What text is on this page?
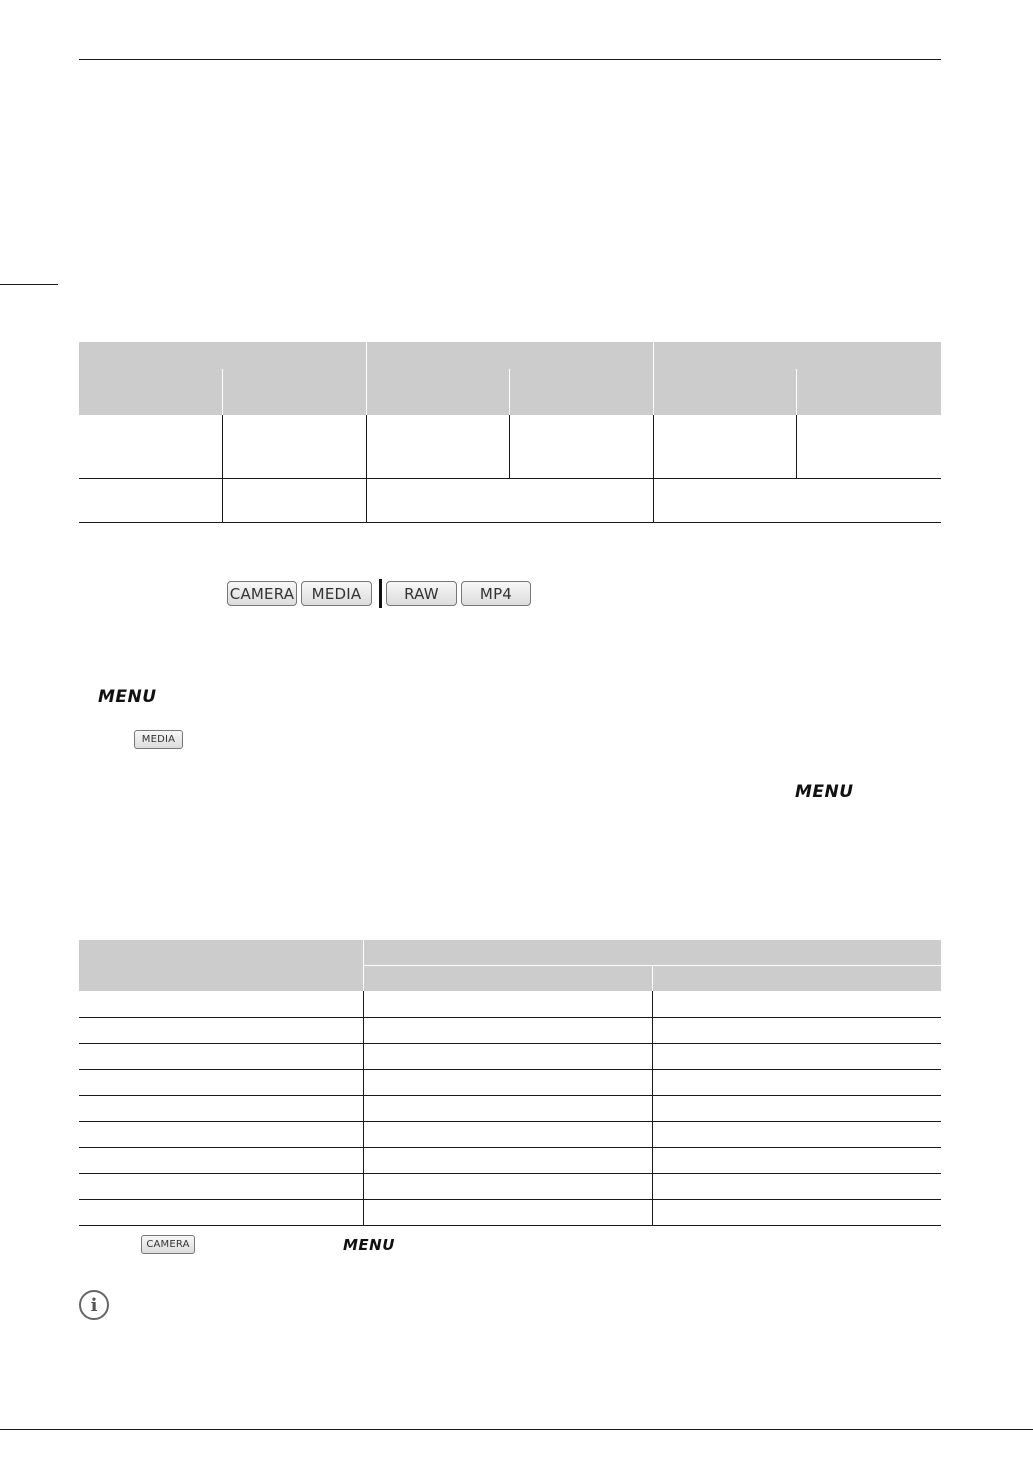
CAMERA	MEDIA	RAW	MP4
MENU
MEDIA
MENU

CAMERA	MENU
i
